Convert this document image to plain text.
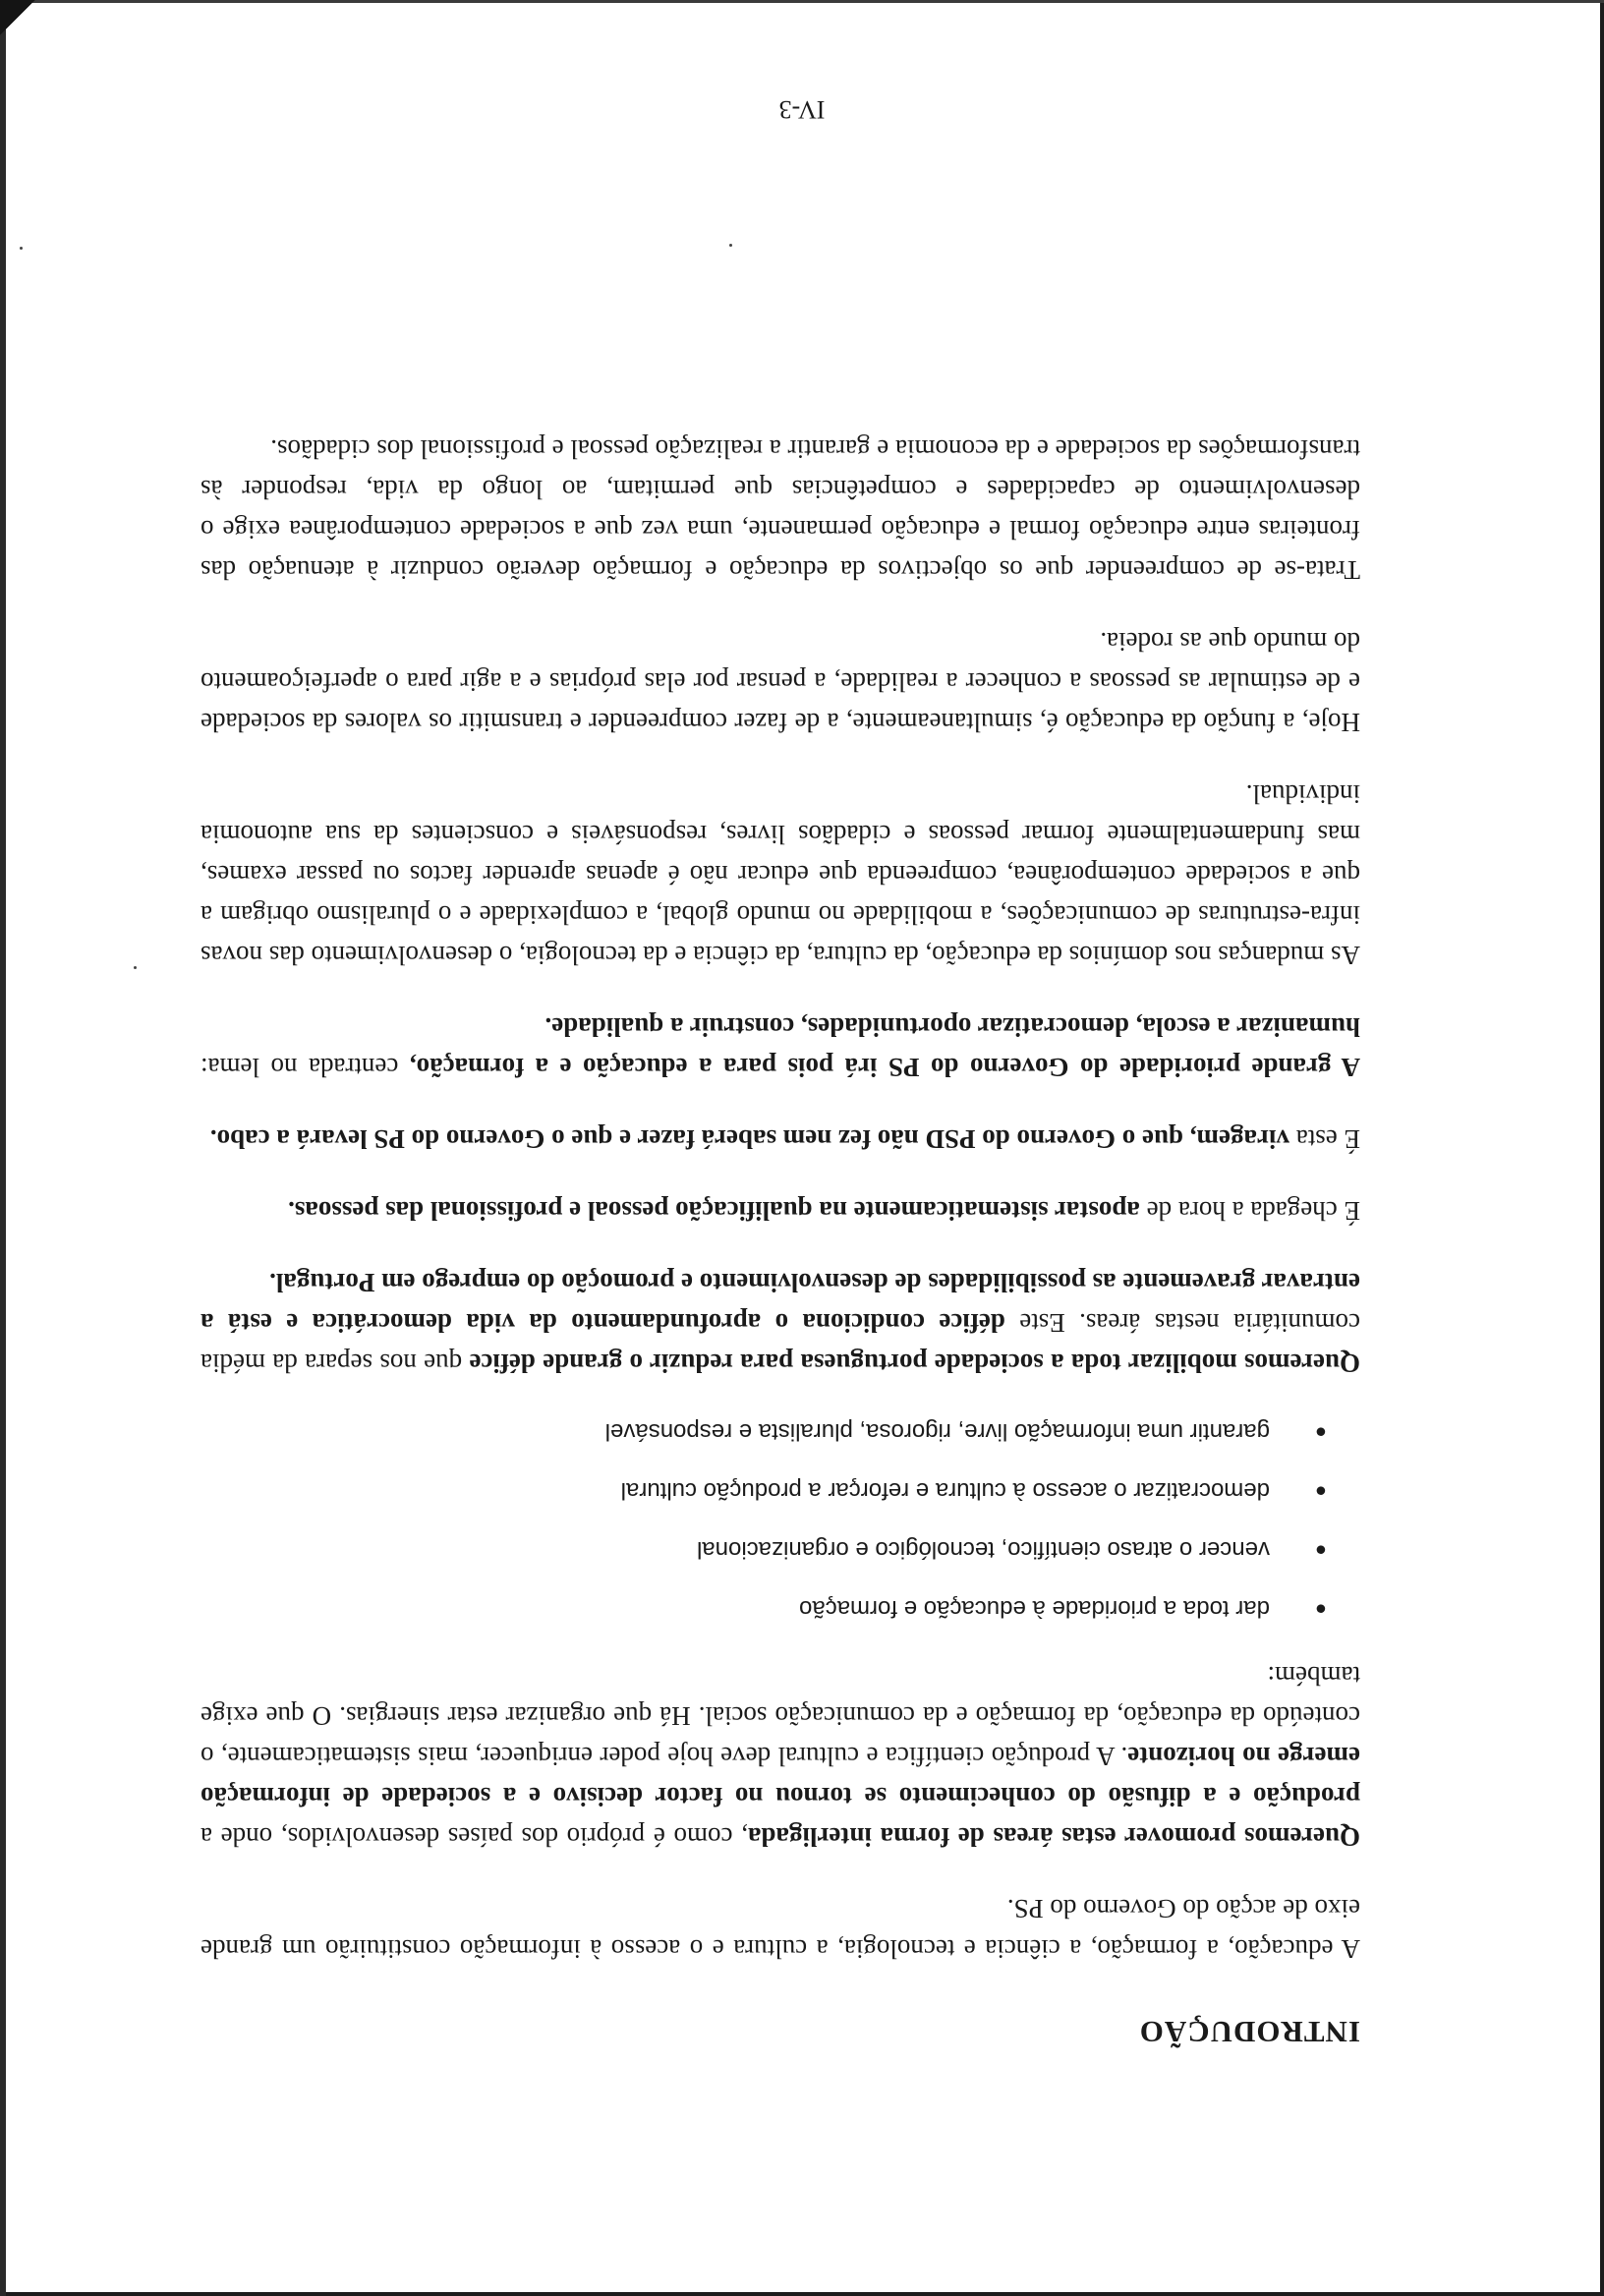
INTRODUÇÃO

A educação, a formação, a ciência e tecnologia, a cultura e o acesso à informação constituirão um grande eixo de acção do Governo do PS.

Queremos promover estas áreas de forma interligada, como é próprio dos países desenvolvidos, onde a produção e a difusão do conhecimento se tornou no factor decisivo e a sociedade de informação emerge no horizonte. A produção científica e cultural deve hoje poder enriquecer, mais sistematicamente, o conteúdo da educação, da formação e da comunicação social. Há que organizar estar sinergias. O que exige também:

●
dar toda a prioridade à educação e formação
●
vencer o atraso científico, tecnológico e organizacional
●
democratizar o acesso à cultura e reforçar a produção cultural
●
garantir uma informação livre, rigorosa, pluralista e responsável

Queremos mobilizar toda a sociedade portuguesa para reduzir o grande défice que nos separa da média comunitária nestas áreas. Este défice condiciona o aprofundamento da vida democrática e está a entravar gravemente as possibilidades de desenvolvimento e promoção do emprego em Portugal.

É chegada a hora de apostar sistematicamente na qualificação pessoal e profissional das pessoas.

É esta viragem, que o Governo do PSD não fez nem saberá fazer e que o Governo do PS levará a cabo.

A grande prioridade do Governo do PS irá pois para a educação e a formação, centrada no lema: humanizar a escola, democratizar oportunidades, construir a qualidade.

As mudanças nos domínios da educação, da cultura, da ciência e da tecnologia, o desenvolvimento das novas infra-estruturas de comunicações, a mobilidade no mundo global, a complexidade e o pluralismo obrigam a que a sociedade contemporânea, compreenda que educar não é apenas aprender factos ou passar exames, mas fundamentalmente formar pessoas e cidadãos livres, responsáveis e conscientes da sua autonomia individual.

Hoje, a função da educação é, simultaneamente, a de fazer compreender e transmitir os valores da sociedade e de estimular as pessoas a conhecer a realidade, a pensar por elas próprias e a agir para o aperfeiçoamento do mundo que as rodeia.

Trata-se de compreender que os objectivos da educação e formação deverão conduzir à atenuação das fronteiras entre educação formal e educação permanente, uma vez que a sociedade contemporânea exige o desenvolvimento de capacidades e competências que permitam, ao longo da vida, responder às transformações da sociedade e da economia e garantir a realização pessoal e profissional dos cidadãos.

IV-3
